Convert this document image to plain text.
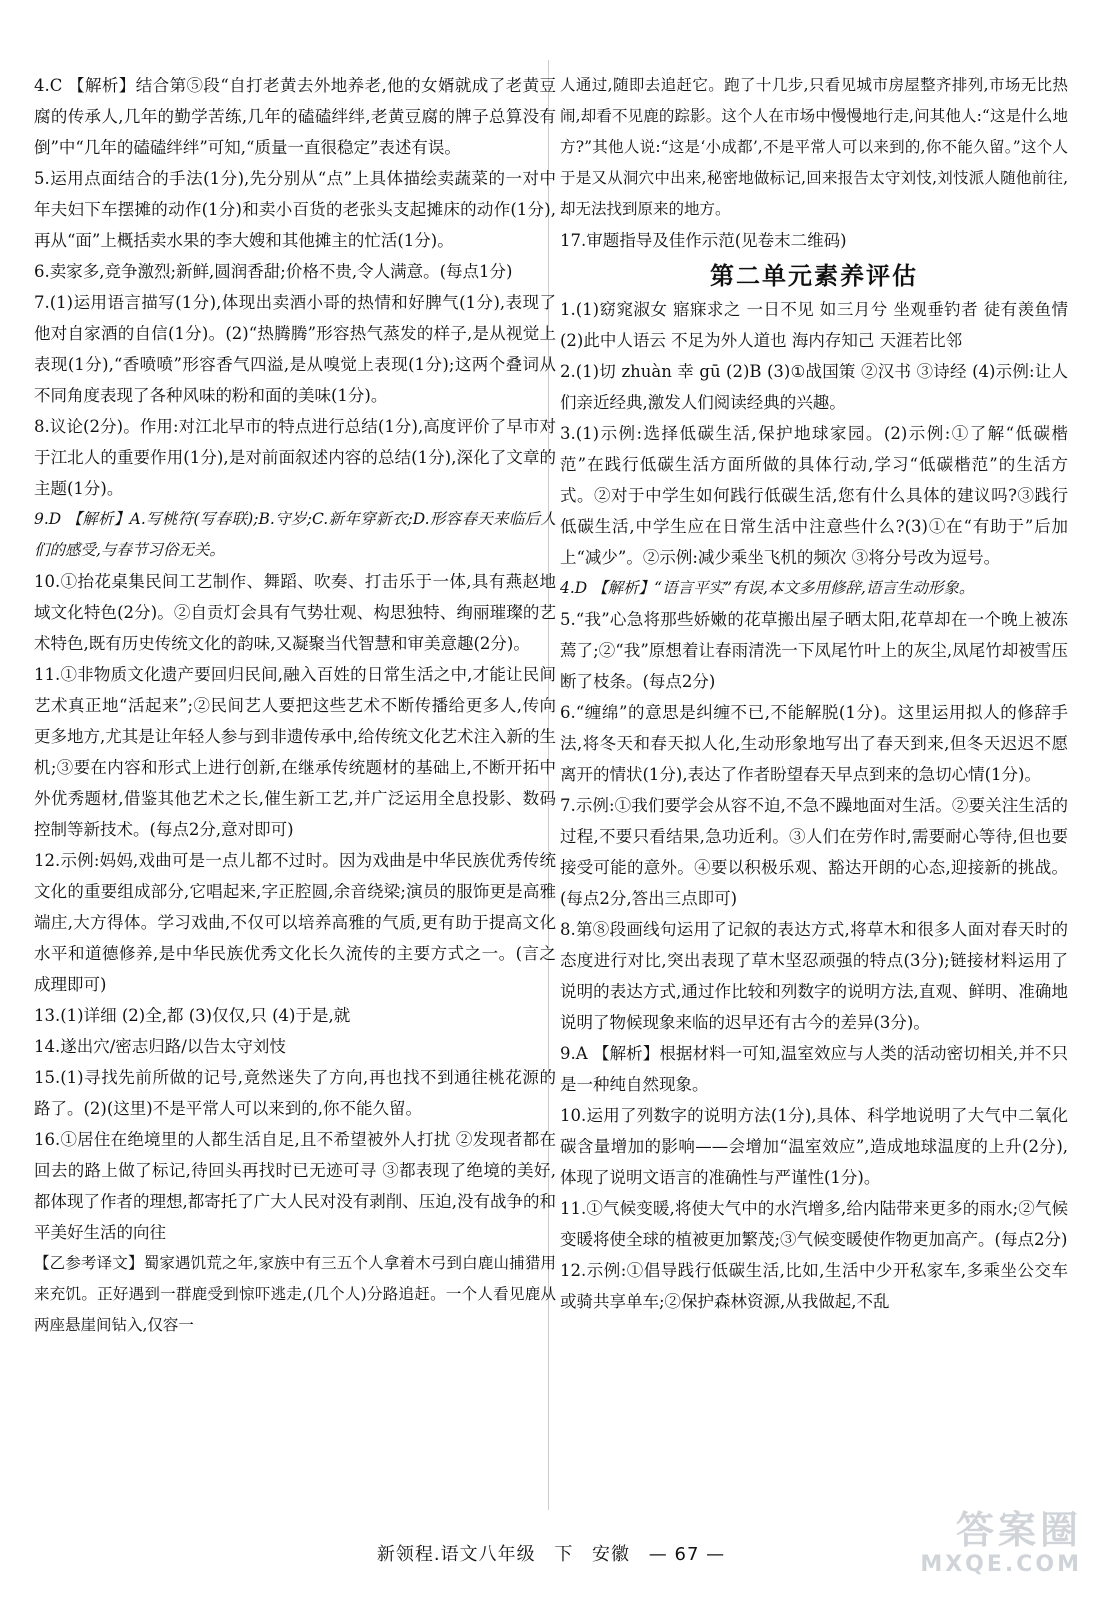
4.C 【解析】结合第⑤段“自打老黄去外地养老,他的女婿就成了老黄豆腐的传承人,几年的勤学苦练,几年的磕磕绊绊,老黄豆腐的牌子总算没有倒”中“几年的磕磕绊绊”可知,“质量一直很稳定”表述有误。

5.运用点面结合的手法(1分),先分别从“点”上具体描绘卖蔬菜的一对中年夫妇下车摆摊的动作(1分)和卖小百货的老张头支起摊床的动作(1分),再从“面”上概括卖水果的李大嫂和其他摊主的忙活(1分)。

6.卖家多,竞争激烈;新鲜,圆润香甜;价格不贵,令人满意。(每点1分)

7.(1)运用语言描写(1分),体现出卖酒小哥的热情和好脾气(1分),表现了他对自家酒的自信(1分)。(2)“热腾腾”形容热气蒸发的样子,是从视觉上表现(1分),“香喷喷”形容香气四溢,是从嗅觉上表现(1分);这两个叠词从不同角度表现了各种风味的粉和面的美味(1分)。

8.议论(2分)。作用:对江北早市的特点进行总结(1分),高度评价了早市对于江北人的重要作用(1分),是对前面叙述内容的总结(1分),深化了文章的主题(1分)。

9.D 【解析】A.写桃符(写春联);B.守岁;C.新年穿新衣;D.形容春天来临后人们的感受,与春节习俗无关。

10.①抬花桌集民间工艺制作、舞蹈、吹奏、打击乐于一体,具有燕赵地域文化特色(2分)。②自贡灯会具有气势壮观、构思独特、绚丽璀璨的艺术特色,既有历史传统文化的韵味,又凝聚当代智慧和审美意趣(2分)。

11.①非物质文化遗产要回归民间,融入百姓的日常生活之中,才能让民间艺术真正地“活起来”;②民间艺人要把这些艺术不断传播给更多人,传向更多地方,尤其是让年轻人参与到非遗传承中,给传统文化艺术注入新的生机;③要在内容和形式上进行创新,在继承传统题材的基础上,不断开拓中外优秀题材,借鉴其他艺术之长,催生新工艺,并广泛运用全息投影、数码控制等新技术。(每点2分,意对即可)

12.示例:妈妈,戏曲可是一点儿都不过时。因为戏曲是中华民族优秀传统文化的重要组成部分,它唱起来,字正腔圆,余音绕梁;演员的服饰更是高雅端庄,大方得体。学习戏曲,不仅可以培养高雅的气质,更有助于提高文化水平和道德修养,是中华民族优秀文化长久流传的主要方式之一。(言之成理即可)

13.(1)详细 (2)全,都 (3)仅仅,只 (4)于是,就

14.遂出穴/密志归路/以告太守刘忮

15.(1)寻找先前所做的记号,竟然迷失了方向,再也找不到通往桃花源的路了。(2)(这里)不是平常人可以来到的,你不能久留。

16.①居住在绝境里的人都生活自足,且不希望被外人打扰 ②发现者都在回去的路上做了标记,待回头再找时已无迹可寻 ③都表现了绝境的美好,都体现了作者的理想,都寄托了广大人民对没有剥削、压迫,没有战争的和平美好生活的向往

【乙参考译文】蜀家遇饥荒之年,家族中有三五个人拿着木弓到白鹿山捕猎用来充饥。正好遇到一群鹿受到惊吓逃走,(几个人)分路追赶。一个人看见鹿从两座悬崖间钻入,仅容一

人通过,随即去追赶它。跑了十几步,只看见城市房屋整齐排列,市场无比热闹,却看不见鹿的踪影。这个人在市场中慢慢地行走,问其他人:“这是什么地方?”其他人说:“这是‘小成都’,不是平常人可以来到的,你不能久留。”这个人于是又从洞穴中出来,秘密地做标记,回来报告太守刘忮,刘忮派人随他前往,却无法找到原来的地方。

17.审题指导及佳作示范(见卷末二维码)

第二单元素养评估

1.(1)窈窕淑女 寤寐求之 一日不见 如三月兮 坐观垂钓者 徒有羡鱼情 (2)此中人语云 不足为外人道也 海内存知己 天涯若比邻

2.(1)切 zhuàn 幸 gū (2)B (3)①战国策 ②汉书 ③诗经 (4)示例:让人们亲近经典,激发人们阅读经典的兴趣。

3.(1)示例:选择低碳生活,保护地球家园。(2)示例:①了解“低碳楷范”在践行低碳生活方面所做的具体行动,学习“低碳楷范”的生活方式。②对于中学生如何践行低碳生活,您有什么具体的建议吗?③践行低碳生活,中学生应在日常生活中注意些什么?(3)①在“有助于”后加上“减少”。②示例:减少乘坐飞机的频次 ③将分号改为逗号。

4.D 【解析】“语言平实”有误,本文多用修辞,语言生动形象。

5.“我”心急将那些娇嫩的花草搬出屋子晒太阳,花草却在一个晚上被冻蔫了;②“我”原想着让春雨清洗一下凤尾竹叶上的灰尘,凤尾竹却被雪压断了枝条。(每点2分)

6.“缠绵”的意思是纠缠不已,不能解脱(1分)。这里运用拟人的修辞手法,将冬天和春天拟人化,生动形象地写出了春天到来,但冬天迟迟不愿离开的情状(1分),表达了作者盼望春天早点到来的急切心情(1分)。

7.示例:①我们要学会从容不迫,不急不躁地面对生活。②要关注生活的过程,不要只看结果,急功近利。③人们在劳作时,需要耐心等待,但也要接受可能的意外。④要以积极乐观、豁达开朗的心态,迎接新的挑战。(每点2分,答出三点即可)

8.第⑧段画线句运用了记叙的表达方式,将草木和很多人面对春天时的态度进行对比,突出表现了草木坚忍顽强的特点(3分);链接材料运用了说明的表达方式,通过作比较和列数字的说明方法,直观、鲜明、准确地说明了物候现象来临的迟早还有古今的差异(3分)。

9.A 【解析】根据材料一可知,温室效应与人类的活动密切相关,并不只是一种纯自然现象。

10.运用了列数字的说明方法(1分),具体、科学地说明了大气中二氧化碳含量增加的影响——会增加“温室效应”,造成地球温度的上升(2分),体现了说明文语言的准确性与严谨性(1分)。

11.①气候变暖,将使大气中的水汽增多,给内陆带来更多的雨水;②气候变暖将使全球的植被更加繁茂;③气候变暖使作物更加高产。(每点2分)

12.示例:①倡导践行低碳生活,比如,生活中少开私家车,多乘坐公交车或骑共享单车;②保护森林资源,从我做起,不乱

新领程.语文八年级 下 安徽 — 67 —
答案圈
MXQE.COM
